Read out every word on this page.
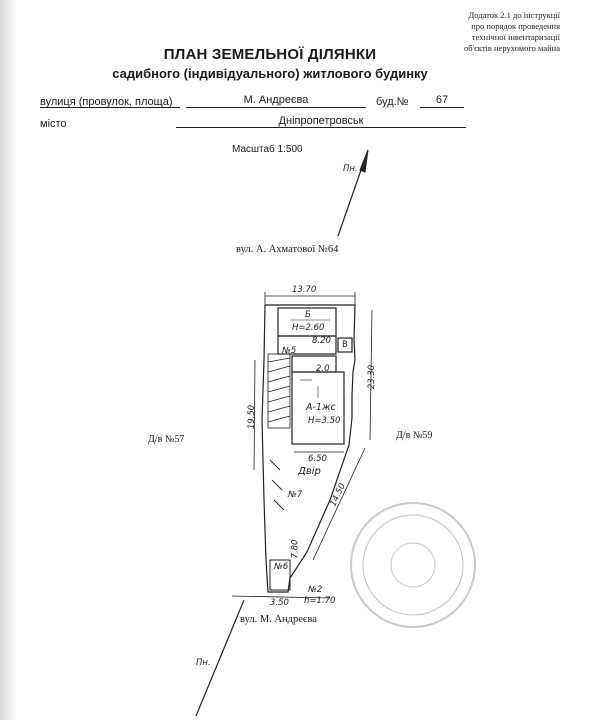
Додаток 2.1 до інструкції
про порядок проведення
технічної інвентаризації
об'єктів нерухомого майна
ПЛАН ЗЕМЕЛЬНОЇ ДІЛЯНКИ
садибного (індивідуального) житлового будинку
вулиця (провулок, площа)	М. Андреєва	буд.№	67
місто	Дніпропетровськ
Масштаб 1:500
Пн.
Пн.
вул. А. Ахматової №64
вул. М. Андреєва
Д/в №57	Д/в №59
13.70
19.50
23.30
14.50
3.50
H=2.60
Б
В
8.20
А-1жс
H=3.50
6.50
Двір
7.80
№2
h=1.70
№5
№7
№6
2.0
